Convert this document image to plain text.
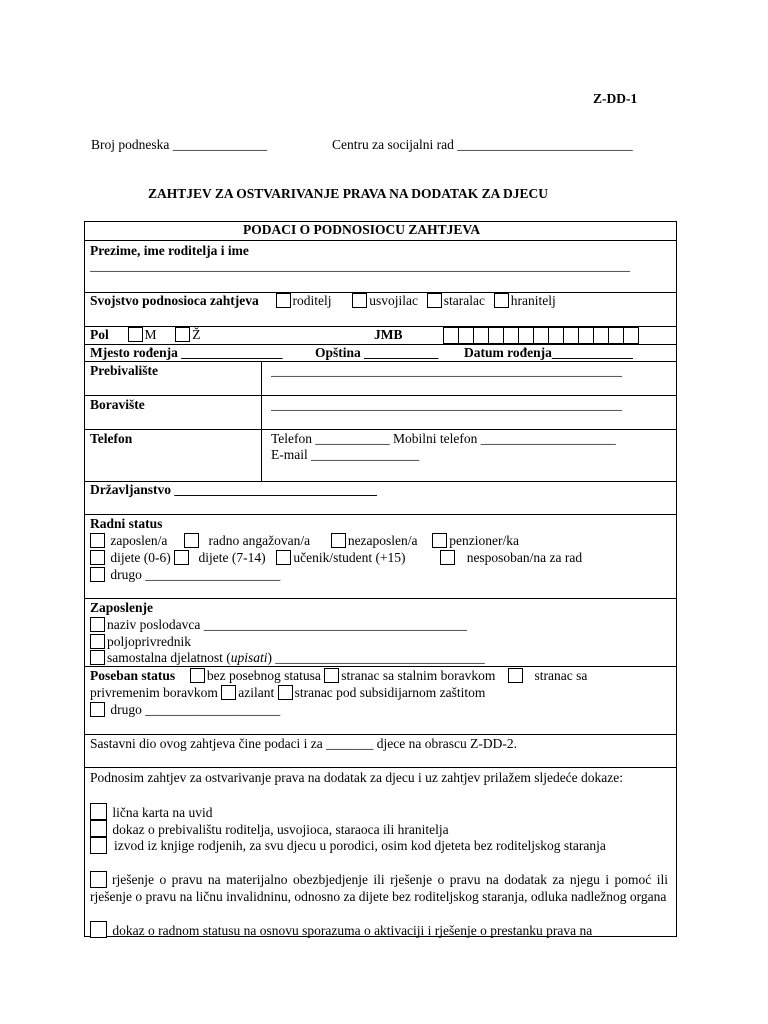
Z-DD-1
Broj podneska ______________	Centru za socijalni rad __________________________
ZAHTJEV ZA OSTVARIVANJE PRAVA NA DODATAK ZA DJECU
PODACI O PODNOSIOCU ZAHTJEVA
Prezime, ime roditelja i ime
________________________________________________________________________________
Svojstvo podnosioca zahtjeva	roditelj	usvojilac staralac hranitelj
Pol	M	Ž	JMB
Mjesto rođenja _______________ Opština ___________ Datum rođenja____________
Prebivalište	____________________________________________________
Boravište	____________________________________________________
Telefon	Telefon ___________ Mobilni telefon ____________________
E-mail ________________
Državljanstvo ______________________________
Radni status
zaposlen/a	radno angažovan/a	nezaposlen/a penzioner/ka
dijete (0-6) dijete (7-14) učenik/student (+15)	nesposoban/na za rad
drugo ____________________
Zaposlenje
naziv poslodavca _______________________________________
poljoprivrednik
samostalna djelatnost (upisati) _______________________________
Poseban status bez posebnog statusa stranac sa stalnim boravkom	stranac sa
privremenim boravkom azilant stranac pod subsidijarnom zaštitom
drugo ____________________
Sastavni dio ovog zahtjeva čine podaci i za _______ djece na obrascu Z-DD-2.
Podnosim zahtjev za ostvarivanje prava na dodatak za djecu i uz zahtjev prilažem sljedeće dokaze:
lična karta na uvid
dokaz o prebivalištu roditelja, usvojioca, staraoca ili hranitelja
izvod iz knjige rodjenih, za svu djecu u porodici, osim kod djeteta bez roditeljskog staranja
rješenje o pravu na materijalno obezbjedjenje ili rješenje o pravu na dodatak za njegu i pomoć ili rješenje o pravu na ličnu invalidninu, odnosno za dijete bez roditeljskog staranja, odluka nadležnog organa
dokaz o radnom statusu na osnovu sporazuma o aktivaciji i rješenje o prestanku prava na
